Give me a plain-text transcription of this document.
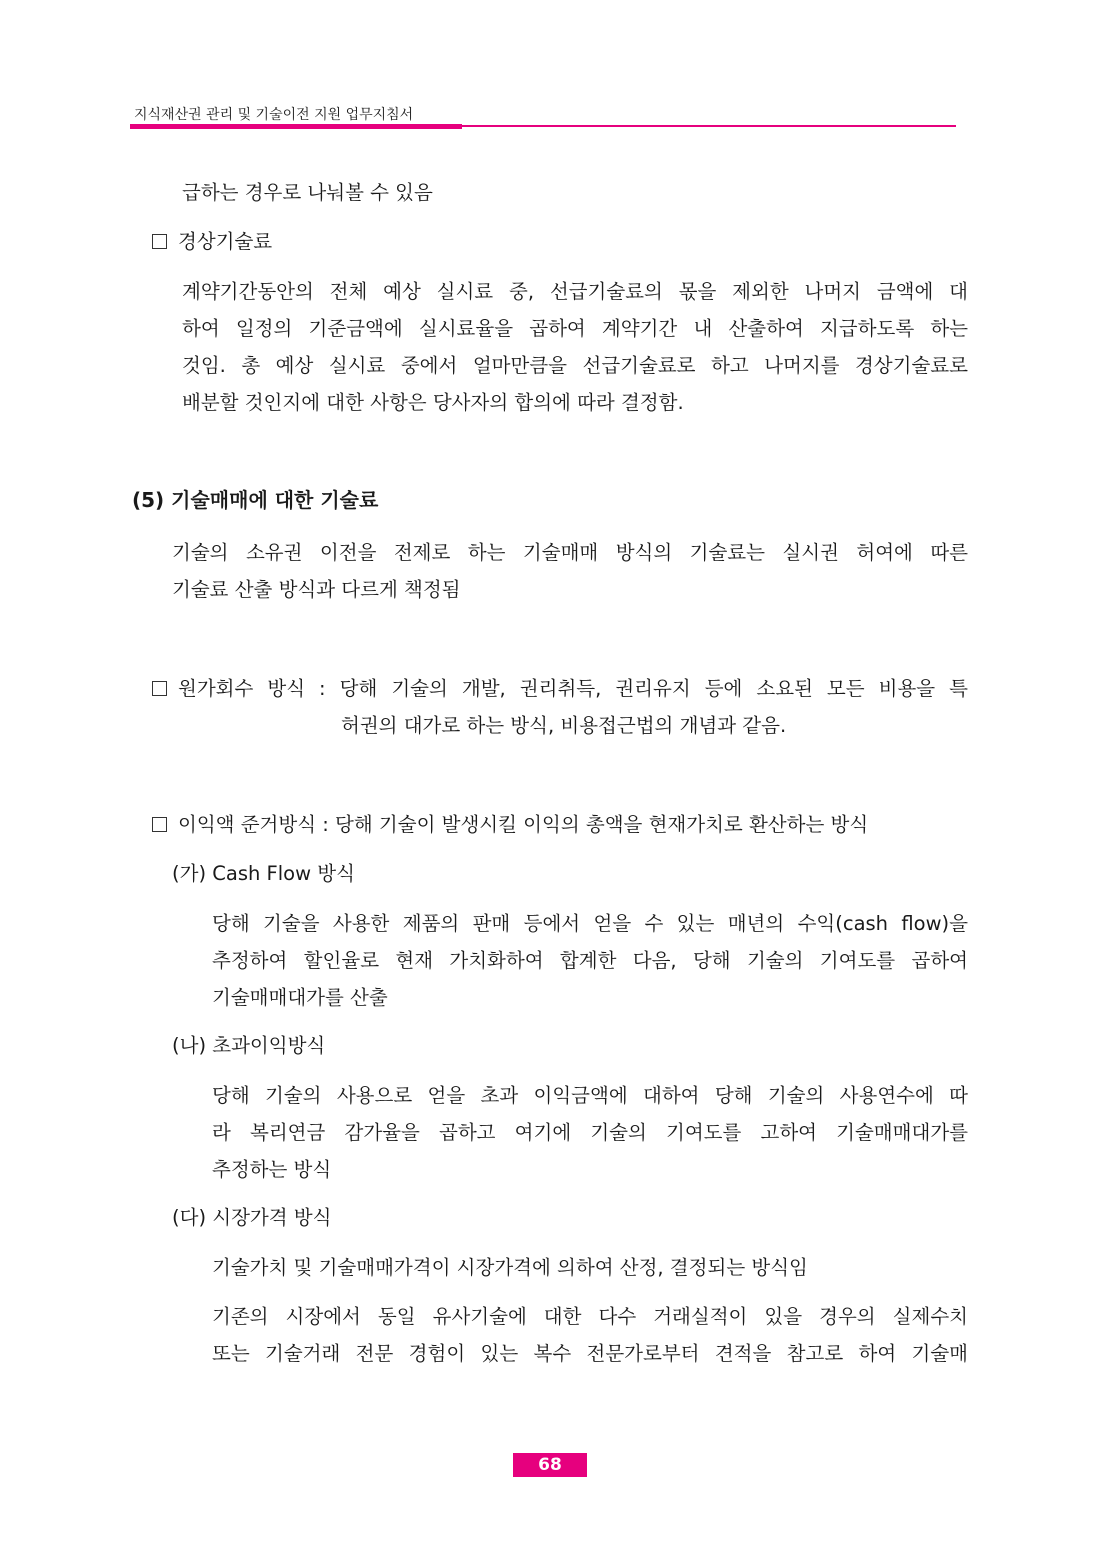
지식재산권 관리 및 기술이전 지원 업무지침서
급하는 경우로 나눠볼 수 있음
경상기술료
계약기간동안의 전체 예상 실시료 중, 선급기술료의 몫을 제외한 나머지 금액에 대
하여 일정의 기준금액에 실시료율을 곱하여 계약기간 내 산출하여 지급하도록 하는
것임. 총 예상 실시료 중에서 얼마만큼을 선급기술료로 하고 나머지를 경상기술료로
배분할 것인지에 대한 사항은 당사자의 합의에 따라 결정함.
(5) 기술매매에 대한 기술료
기술의 소유권 이전을 전제로 하는 기술매매 방식의 기술료는 실시권 허여에 따른
기술료 산출 방식과 다르게 책정됨
원가회수 방식 : 당해 기술의 개발, 권리취득, 권리유지 등에 소요된 모든 비용을 특
허권의 대가로 하는 방식, 비용접근법의 개념과 같음.
이익액 준거방식 : 당해 기술이 발생시킬 이익의 총액을 현재가치로 환산하는 방식
(가) Cash Flow 방식
당해 기술을 사용한 제품의 판매 등에서 얻을 수 있는 매년의 수익(cash flow)을
추정하여 할인율로 현재 가치화하여 합계한 다음, 당해 기술의 기여도를 곱하여
기술매매대가를 산출
(나) 초과이익방식
당해 기술의 사용으로 얻을 초과 이익금액에 대하여 당해 기술의 사용연수에 따
라 복리연금 감가율을 곱하고 여기에 기술의 기여도를 고하여 기술매매대가를
추정하는 방식
(다) 시장가격 방식
기술가치 및 기술매매가격이 시장가격에 의하여 산정, 결정되는 방식임
기존의 시장에서 동일 유사기술에 대한 다수 거래실적이 있을 경우의 실제수치
또는 기술거래 전문 경험이 있는 복수 전문가로부터 견적을 참고로 하여 기술매
68
